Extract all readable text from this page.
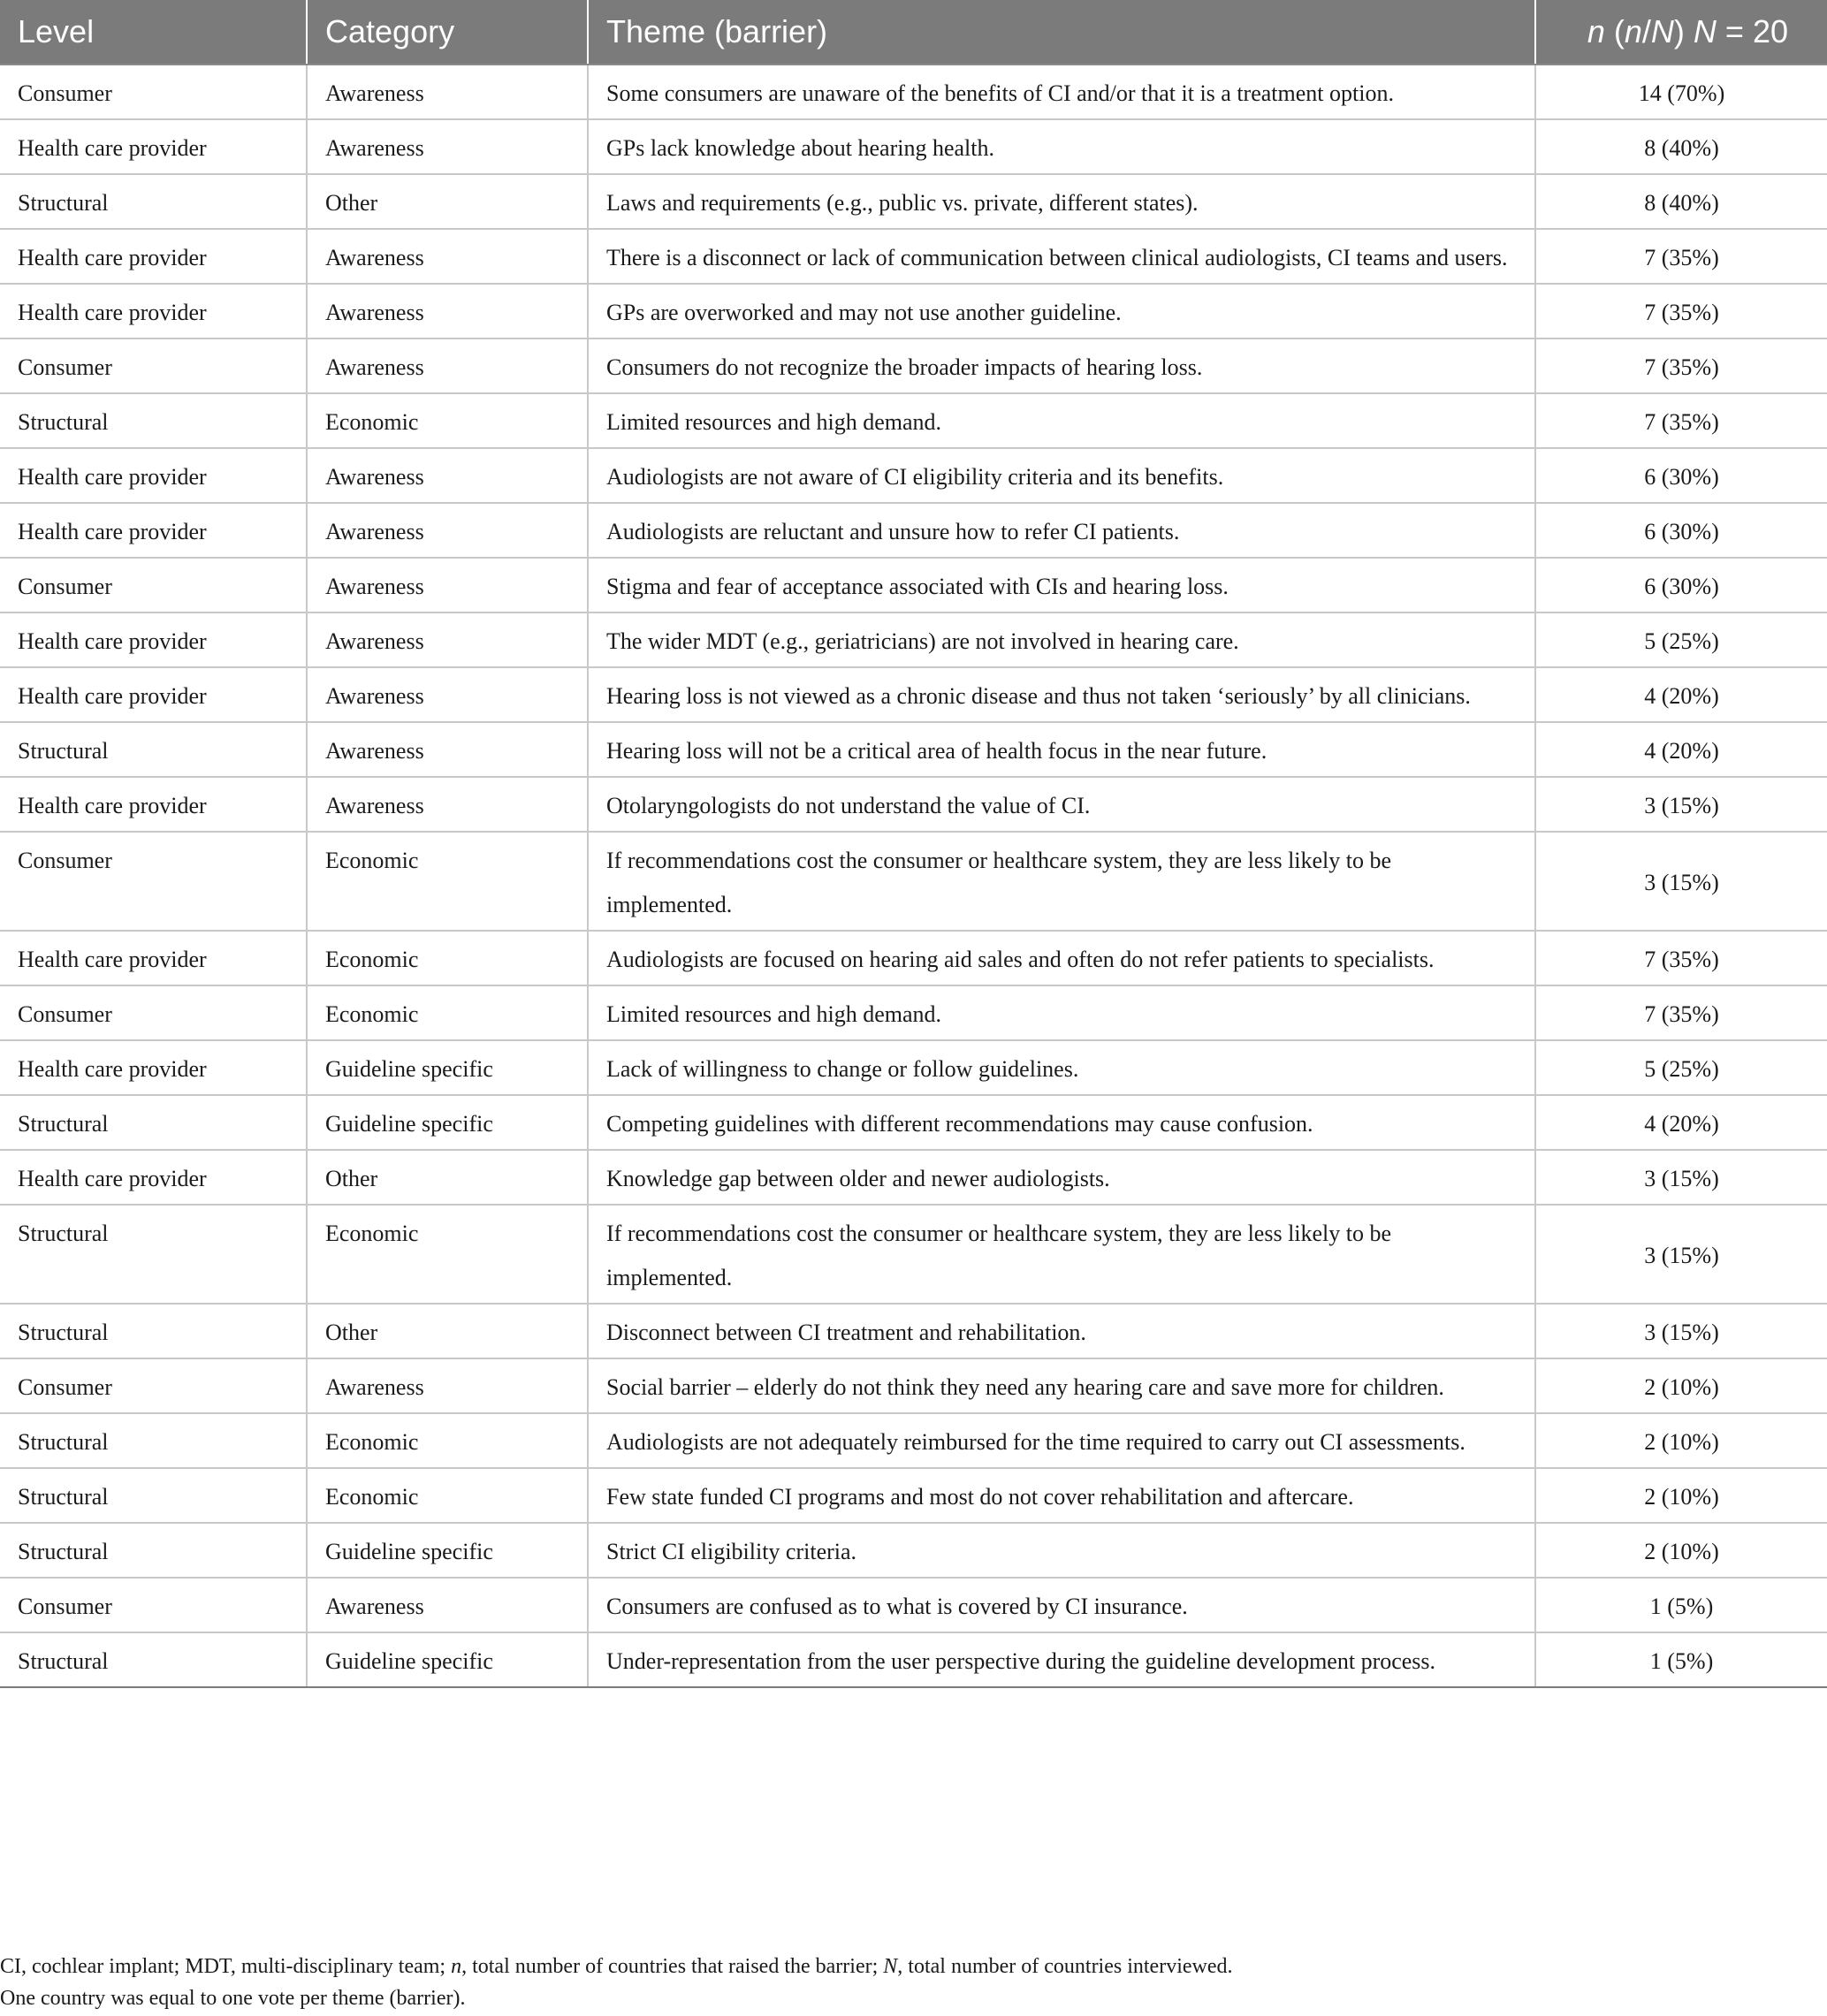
Level	Category	Theme (barrier)	n (n/N) N = 20
Consumer	Awareness	Some consumers are unaware of the benefits of CI and/or that it is a treatment option.	14 (70%)
Health care provider	Awareness	GPs lack knowledge about hearing health.	8 (40%)
Structural	Other	Laws and requirements (e.g., public vs. private, different states).	8 (40%)
Health care provider	Awareness	There is a disconnect or lack of communication between clinical audiologists, CI teams and users.	7 (35%)
Health care provider	Awareness	GPs are overworked and may not use another guideline.	7 (35%)
Consumer	Awareness	Consumers do not recognize the broader impacts of hearing loss.	7 (35%)
Structural	Economic	Limited resources and high demand.	7 (35%)
Health care provider	Awareness	Audiologists are not aware of CI eligibility criteria and its benefits.	6 (30%)
Health care provider	Awareness	Audiologists are reluctant and unsure how to refer CI patients.	6 (30%)
Consumer	Awareness	Stigma and fear of acceptance associated with CIs and hearing loss.	6 (30%)
Health care provider	Awareness	The wider MDT (e.g., geriatricians) are not involved in hearing care.	5 (25%)
Health care provider	Awareness	Hearing loss is not viewed as a chronic disease and thus not taken ‘seriously’ by all clinicians.	4 (20%)
Structural	Awareness	Hearing loss will not be a critical area of health focus in the near future.	4 (20%)
Health care provider	Awareness	Otolaryngologists do not understand the value of CI.	3 (15%)
Consumer	Economic	If recommendations cost the consumer or healthcare system, they are less likely to be implemented.	3 (15%)
Health care provider	Economic	Audiologists are focused on hearing aid sales and often do not refer patients to specialists.	7 (35%)
Consumer	Economic	Limited resources and high demand.	7 (35%)
Health care provider	Guideline specific	Lack of willingness to change or follow guidelines.	5 (25%)
Structural	Guideline specific	Competing guidelines with different recommendations may cause confusion.	4 (20%)
Health care provider	Other	Knowledge gap between older and newer audiologists.	3 (15%)
Structural	Economic	If recommendations cost the consumer or healthcare system, they are less likely to be implemented.	3 (15%)
Structural	Other	Disconnect between CI treatment and rehabilitation.	3 (15%)
Consumer	Awareness	Social barrier – elderly do not think they need any hearing care and save more for children.	2 (10%)
Structural	Economic	Audiologists are not adequately reimbursed for the time required to carry out CI assessments.	2 (10%)
Structural	Economic	Few state funded CI programs and most do not cover rehabilitation and aftercare.	2 (10%)
Structural	Guideline specific	Strict CI eligibility criteria.	2 (10%)
Consumer	Awareness	Consumers are confused as to what is covered by CI insurance.	1 (5%)
Structural	Guideline specific	Under-representation from the user perspective during the guideline development process.	1 (5%)
CI, cochlear implant; MDT, multi-disciplinary team; n, total number of countries that raised the barrier; N, total number of countries interviewed.
One country was equal to one vote per theme (barrier).
